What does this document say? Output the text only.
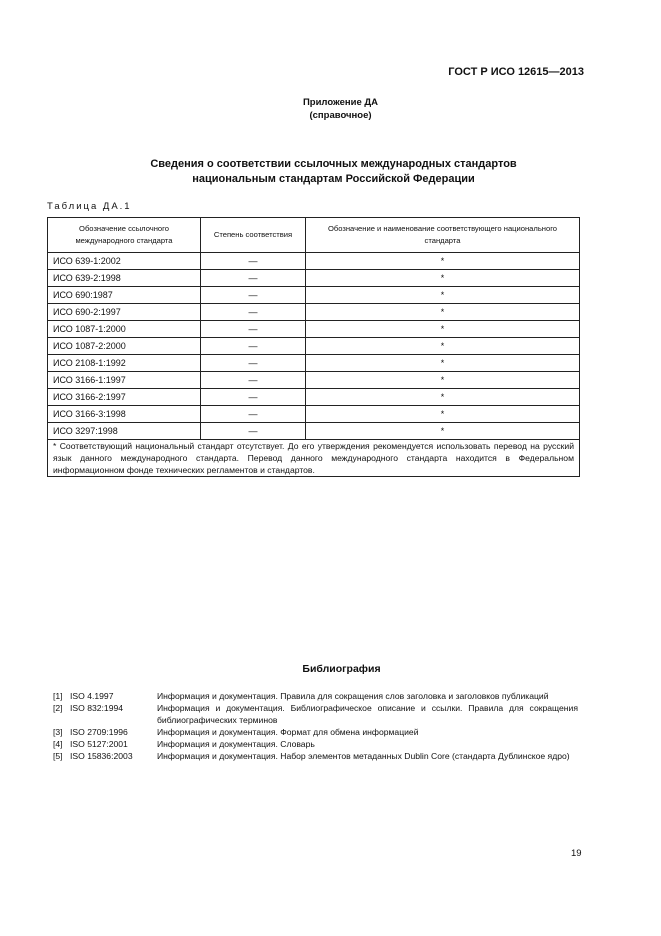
ГОСТ Р ИСО 12615—2013
Приложение ДА
(справочное)
Сведения о соответствии ссылочных международных стандартов
национальным стандартам Российской Федерации
Таблица ДА.1
Обозначение ссылочного международного стандарта	Степень соответствия	Обозначение и наименование соответствующего национального стандарта
ИСО 639-1:2002	—	*
ИСО 639-2:1998	—	*
ИСО 690:1987	—	*
ИСО 690-2:1997	—	*
ИСО 1087-1:2000	—	*
ИСО 1087-2:2000	—	*
ИСО 2108-1:1992	—	*
ИСО 3166-1:1997	—	*
ИСО 3166-2:1997	—	*
ИСО 3166-3:1998	—	*
ИСО 3297:1998	—	*
* Соответствующий национальный стандарт отсутствует. До его утверждения рекомендуется использовать перевод на русский язык данного международного стандарта. Перевод данного международного стандарта находится в Федеральном информационном фонде технических регламентов и стандартов.		
Библиография
[1] ISO 4.1997	Информация и документация. Правила для сокращения слов заголовка и заголовков публикаций
[2] ISO 832:1994	Информация и документация. Библиографическое описание и ссылки. Правила для сокращения библиографических терминов
[3] ISO 2709:1996	Информация и документация. Формат для обмена информацией
[4] ISO 5127:2001	Информация и документация. Словарь
[5] ISO 15836:2003	Информация и документация. Набор элементов метаданных Dublin Core (стандарта Дублинское ядро)
19
